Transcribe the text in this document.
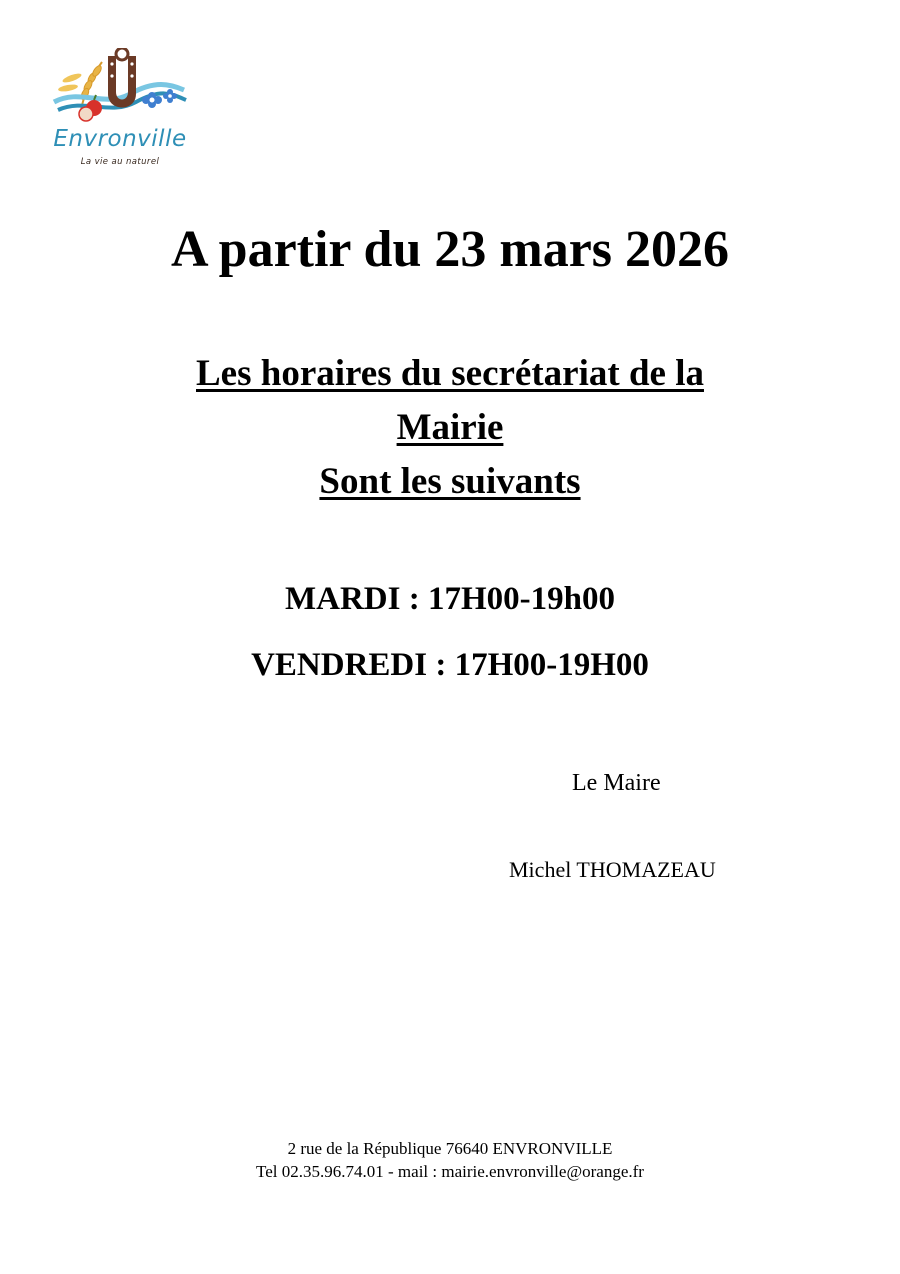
Envronville
La vie au naturel
A partir du 23 mars 2026
Les horaires du secrétariat de la
Mairie
Sont les suivants
MARDI : 17H00-19h00
VENDREDI : 17H00-19H00
Le Maire
Michel THOMAZEAU
2 rue de la République 76640 ENVRONVILLE
Tel 02.35.96.74.01 - mail : mairie.envronville@orange.fr
